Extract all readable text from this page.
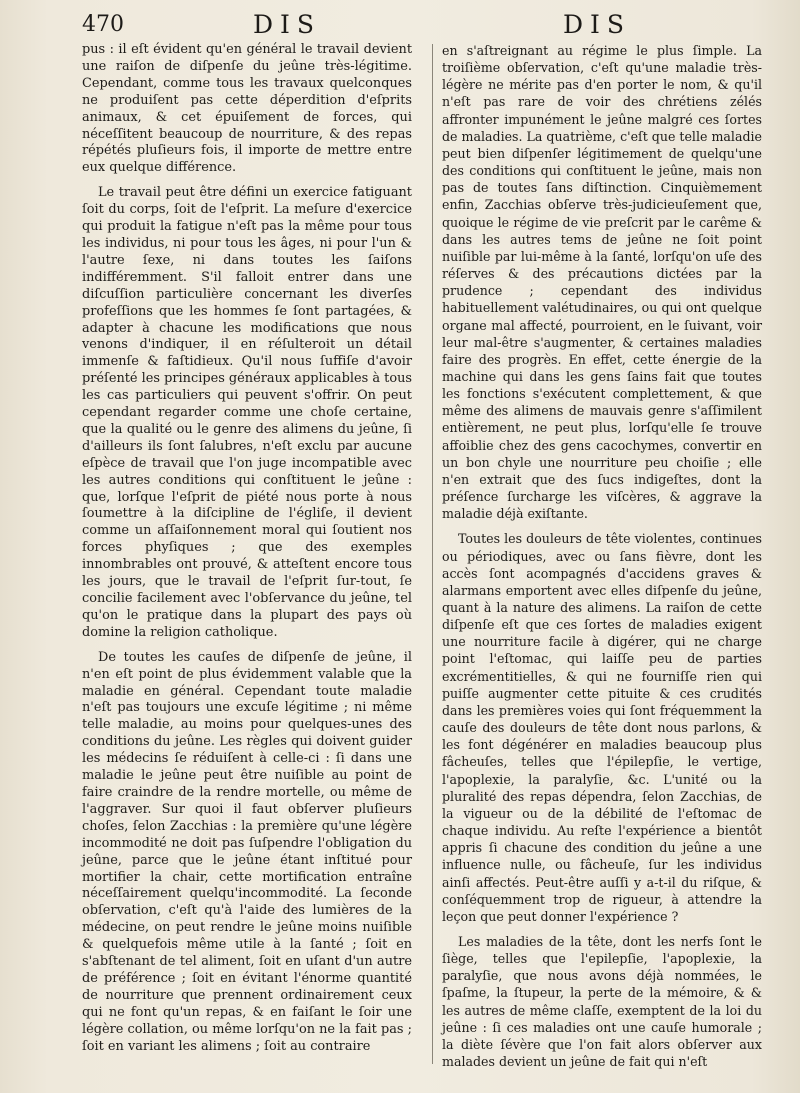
470	DIS	DIS

pus : il eſt évident qu'en général le travail devient une raiſon de diſpenſe du jeûne très-légitime. Cependant, comme tous les travaux quelconques ne produiſent pas cette déperdition d'eſprits animaux, & cet épuiſement de forces, qui néceſſitent beaucoup de nourriture, & des repas répétés pluſieurs fois, il importe de mettre entre eux quelque différence.

Le travail peut être défini un exercice fatiguant ſoit du corps, ſoit de l'eſprit. La meſure d'exercice qui produit la fatigue n'eſt pas la même pour tous les individus, ni pour tous les âges, ni pour l'un & l'autre ſexe, ni dans toutes les ſaiſons indifféremment. S'il falloit entrer dans une diſcuſſion particulière concernant les diverſes profeſſions que les hommes ſe ſont partagées, & adapter à chacune les modifications que nous venons d'indiquer, il en réſulteroit un détail immenſe & faſtidieux. Qu'il nous ſuffiſe d'avoir préſenté les principes généraux applicables à tous les cas particuliers qui peuvent s'offrir. On peut cependant regarder comme une choſe certaine, que la qualité ou le genre des alimens du jeûne, ſi d'ailleurs ils ſont ſalubres, n'eſt exclu par aucune eſpèce de travail que l'on juge incompatible avec les autres conditions qui conſtituent le jeûne : que, lorſque l'eſprit de piété nous porte à nous ſoumettre à la diſcipline de l'égliſe, il devient comme un aſſaiſonnement moral qui ſoutient nos forces phyſiques ; que des exemples innombrables ont prouvé, & atteſtent encore tous les jours, que le travail de l'eſprit ſur-tout, ſe concilie facilement avec l'obſervance du jeûne, tel qu'on le pratique dans la plupart des pays où domine la religion catholique.

De toutes les cauſes de diſpenſe de jeûne, il n'en eſt point de plus évidemment valable que la maladie en général. Cependant toute maladie n'eſt pas toujours une excuſe légitime ; ni même telle maladie, au moins pour quelques-unes des conditions du jeûne. Les règles qui doivent guider les médecins ſe réduiſent à celle-ci : ſi dans une maladie le jeûne peut être nuiſible au point de faire craindre de la rendre mortelle, ou même de l'aggraver. Sur quoi il faut obſerver pluſieurs choſes, ſelon Zacchias : la première qu'une légère incommodité ne doit pas ſuſpendre l'obligation du jeûne, parce que le jeûne étant inſtitué pour mortifier la chair, cette mortification entraîne néceſſairement quelqu'incommodité. La ſeconde obſervation, c'eſt qu'à l'aide des lumières de la médecine, on peut rendre le jeûne moins nuiſible & quelquefois même utile à la ſanté ; ſoit en s'abſtenant de tel aliment, ſoit en uſant d'un autre de préférence ; ſoit en évitant l'énorme quantité de nourriture que prennent ordinairement ceux qui ne font qu'un repas, & en faiſant le ſoir une légère collation, ou même lorſqu'on ne la fait pas ; ſoit en variant les alimens ; ſoit au contraire

en s'aſtreignant au régime le plus ſimple. La troiſième obſervation, c'eſt qu'une maladie très-légère ne mérite pas d'en porter le nom, & qu'il n'eſt pas rare de voir des chrétiens zélés affronter impunément le jeûne malgré ces ſortes de maladies. La quatrième, c'eſt que telle maladie peut bien diſpenſer légitimement de quelqu'une des conditions qui conſtituent le jeûne, mais non pas de toutes ſans diſtinction. Cinquièmement enfin, Zacchias obſerve très-judicieuſement que, quoique le régime de vie preſcrit par le carême & dans les autres tems de jeûne ne ſoit point nuiſible par lui-même à la ſanté, lorſqu'on uſe des réſerves & des précautions dictées par la prudence ; cependant des individus habituellement valétudinaires, ou qui ont quelque organe mal affecté, pourroient, en le ſuivant, voir leur mal-être s'augmenter, & certaines maladies faire des progrès. En effet, cette énergie de la machine qui dans les gens ſains fait que toutes les fonctions s'exécutent complettement, & que même des alimens de mauvais genre s'aſſimilent entièrement, ne peut plus, lorſqu'elle ſe trouve affoiblie chez des gens cacochymes, convertir en un bon chyle une nourriture peu choiſie ; elle n'en extrait que des ſucs indigeſtes, dont la préſence ſurcharge les viſcères, & aggrave la maladie déjà exiſtante.

Toutes les douleurs de tête violentes, continues ou périodiques, avec ou ſans fièvre, dont les accès ſont acompagnés d'accidens graves & alarmans emportent avec elles diſpenſe du jeûne, quant à la nature des alimens. La raiſon de cette diſpenſe eſt que ces ſortes de maladies exigent une nourriture facile à digérer, qui ne charge point l'eſtomac, qui laiſſe peu de parties excrémentitielles, & qui ne fourniſſe rien qui puiſſe augmenter cette pituite & ces crudités dans les premières voies qui ſont fréquemment la cauſe des douleurs de tête dont nous parlons, & les font dégénérer en maladies beaucoup plus fâcheuſes, telles que l'épilepſie, le vertige, l'apoplexie, la paralyſie, &c. L'unité ou la pluralité des repas dépendra, ſelon Zacchias, de la vigueur ou de la débilité de l'eſtomac de chaque individu. Au reſte l'expérience a bientôt appris ſi chacune des condition du jeûne a une influence nulle, ou fâcheuſe, ſur les individus ainſi affectés. Peut-être auſſi y a-t-il du riſque, & conſéquemment trop de rigueur, à attendre la leçon que peut donner l'expérience ?

Les maladies de la tête, dont les nerfs ſont le ſiège, telles que l'epilepſie, l'apoplexie, la paralyſie, que nous avons déjà nommées, le ſpaſme, la ſtupeur, la perte de la mémoire, & & les autres de même claſſe, exemptent de la loi du jeûne : ſi ces maladies ont une cauſe humorale ; la diète ſévère que l'on fait alors obſerver aux malades devient un jeûne de fait qui n'eſt
